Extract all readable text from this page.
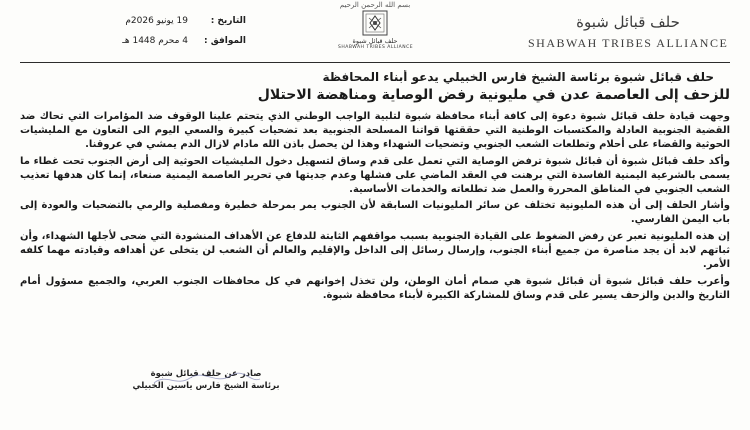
بسم الله الرحمن الرحيم
حلف قبائل شبوة
SHABWAH TRIBES ALLIANCE
حلف قبائل شبوة
SHABWAH TRIBES ALLIANCE
التاريخ :
19 يونيو 2026م
الموافق :
4 محرم 1448 هـ
حلف قبائل شبوة برئاسة الشيخ فارس الخبيلي يدعو أبناء المحافظة
للزحف إلى العاصمة عدن في مليونية رفض الوصاية ومناهضة الاحتلال

وجهت قيادة حلف قبائل شبوة دعوة إلى كافة أبناء محافظة شبوة لتلبية الواجب الوطني الذي يتحتم علينا الوقوف ضد المؤامرات التي تحاك ضد القضية الجنوبية العادلة والمكتسبات الوطنية التي حققتها قواتنا المسلحة الجنوبية بعد تضحيات كبيرة والسعي اليوم الى التعاون مع المليشيات الحوثية والقضاء على أحلام وتطلعات الشعب الجنوبي وتضحيات الشهداء وهذا لن يحصل باذن الله مادام لازال الدم يمشي في عروقنا.

وأكد حلف قبائل شبوة أن قبائل شبوة ترفض الوصاية التي تعمل على قدم وساق لتسهيل دخول المليشيات الحوثية إلى أرض الجنوب تحت غطاء ما يسمى بالشرعية اليمنية الفاسدة التي برهنت في العقد الماضي على فشلها وعدم جديتها في تحرير العاصمة اليمنية صنعاء، إنما كان هدفها تعذيب الشعب الجنوبي في المناطق المحررة والعمل ضد تطلعاته والخدمات الأساسية.

وأشار الحلف إلى أن هذه المليونية تختلف عن سائر المليونيات السابقة لأن الجنوب يمر بمرحلة خطيرة ومفصلية والرمي بالتضحيات والعودة إلى باب اليمن الفارسي.

إن هذه المليونية تعبر عن رفض الضغوط على القيادة الجنوبية بسبب مواقفهم الثابتة للدفاع عن الأهداف المنشودة التي ضحى لأجلها الشهداء، وأن ثباتهم لابد أن يجد مناصرة من جميع أبناء الجنوب، وإرسال رسائل إلى الداخل والإقليم والعالم أن الشعب لن يتخلى عن أهدافه وقيادته مهما كلفه الأمر.

وأعرب حلف قبائل شبوة أن قبائل شبوة هي صمام أمان الوطن، ولن تخذل إخوانهم في كل محافظات الجنوب العربي، والجميع مسؤول أمام التاريخ والدين والزحف يسير على قدم وساق للمشاركة الكبيرة لأبناء محافظة شبوة.

صادر عن حلف قبائل شبوة
برئاسة الشيخ فارس ياسين الخبيلي
